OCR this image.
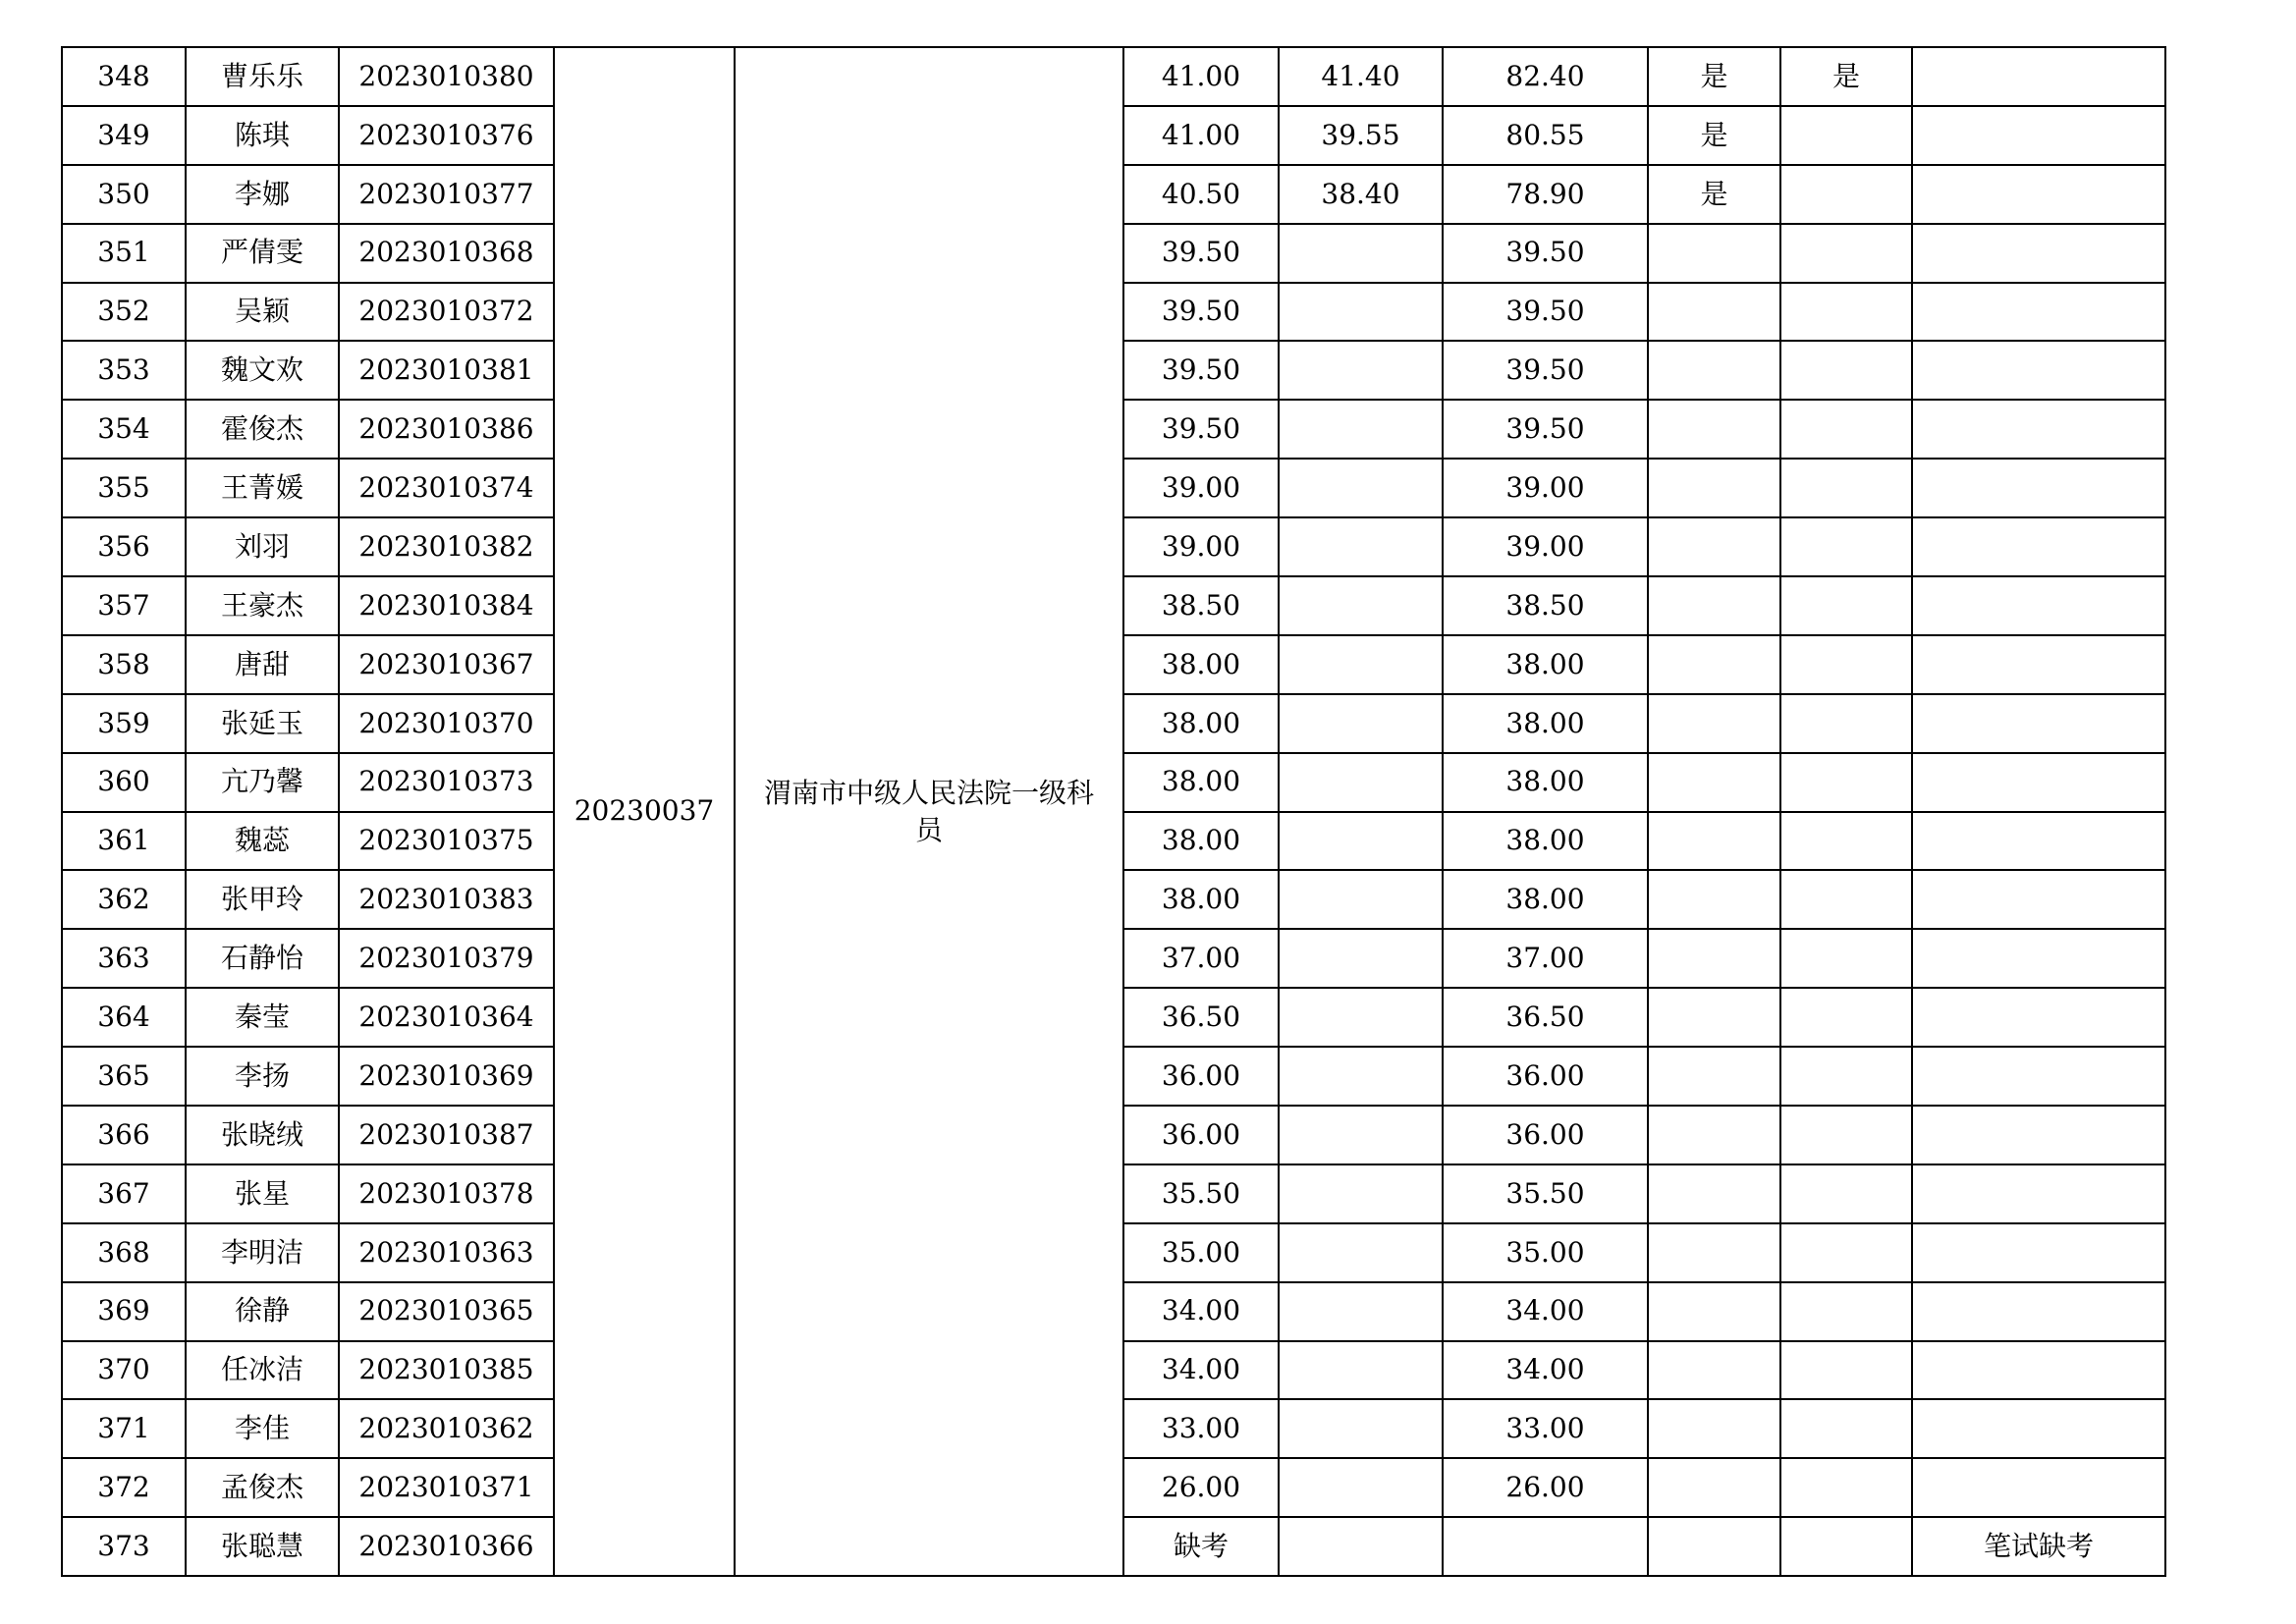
348	曹乐乐	2023010380	20230037	渭南市中级人民法院一级科员	41.00	41.40	82.40	是	是	
349	陈琪	2023010376			41.00	39.55	80.55	是		
350	李娜	2023010377			40.50	38.40	78.90	是		
351	严倩雯	2023010368			39.50		39.50			
352	吴颖	2023010372			39.50		39.50			
353	魏文欢	2023010381			39.50		39.50			
354	霍俊杰	2023010386			39.50		39.50			
355	王菁媛	2023010374			39.00		39.00			
356	刘羽	2023010382			39.00		39.00			
357	王豪杰	2023010384			38.50		38.50			
358	唐甜	2023010367			38.00		38.00			
359	张延玉	2023010370			38.00		38.00			
360	亢乃馨	2023010373			38.00		38.00			
361	魏蕊	2023010375			38.00		38.00			
362	张甲玲	2023010383			38.00		38.00			
363	石静怡	2023010379			37.00		37.00			
364	秦莹	2023010364			36.50		36.50			
365	李扬	2023010369			36.00		36.00			
366	张晓绒	2023010387			36.00		36.00			
367	张星	2023010378			35.50		35.50			
368	李明洁	2023010363			35.00		35.00			
369	徐静	2023010365			34.00		34.00			
370	任冰洁	2023010385			34.00		34.00			
371	李佳	2023010362			33.00		33.00			
372	孟俊杰	2023010371			26.00		26.00			
373	张聪慧	2023010366			缺考					笔试缺考
